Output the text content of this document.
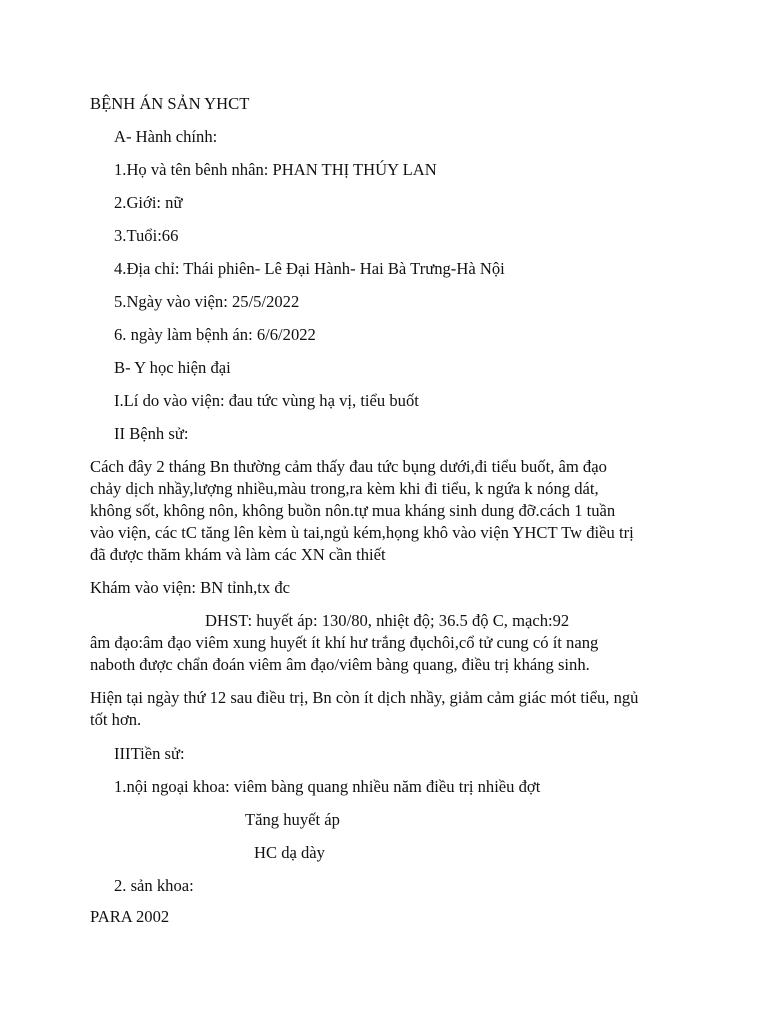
BỆNH ÁN SẢN YHCT
A- Hành chính:
1.Họ và tên bênh nhân: PHAN THỊ THÚY LAN
2.Giới: nữ
3.Tuổi:66
4.Địa chỉ: Thái phiên- Lê Đại Hành- Hai Bà Trưng-Hà Nội
5.Ngày vào viện: 25/5/2022
6. ngày làm bệnh án: 6/6/2022
B- Y học hiện đại
I.Lí do vào viện: đau tức vùng hạ vị, tiểu buốt
II Bệnh sử:
Cách đây 2 tháng Bn thường cảm thấy đau tức bụng dưới,đi tiểu buốt, âm đạo
chảy dịch nhầy,lượng nhiều,màu trong,ra kèm khi đi tiểu, k ngứa k nóng dát,
không sốt, không nôn, không buồn nôn.tự mua kháng sinh dung đỡ.cách 1 tuần
vào viện, các tC tăng lên kèm ù tai,ngủ kém,họng khô vào viện YHCT Tw điều trị
đã được thăm khám và làm các XN cần thiết
Khám vào viện: BN tỉnh,tx đc
DHST: huyết áp: 130/80, nhiệt độ; 36.5 độ C, mạch:92
âm đạo:âm đạo viêm xung huyết ít khí hư trắng đụchôi,cổ tử cung có ít nang
naboth được chẩn đoán viêm âm đạo/viêm bàng quang, điều trị kháng sinh.
Hiện tại ngày thứ 12 sau điều trị, Bn còn ít dịch nhầy, giảm cảm giác mót tiểu, ngủ
tốt hơn.
IIITiền sử:
1.nội ngoại khoa: viêm bàng quang nhiều năm điều trị nhiều đợt
Tăng huyết áp
HC dạ dày
2. sản khoa:
PARA 2002
